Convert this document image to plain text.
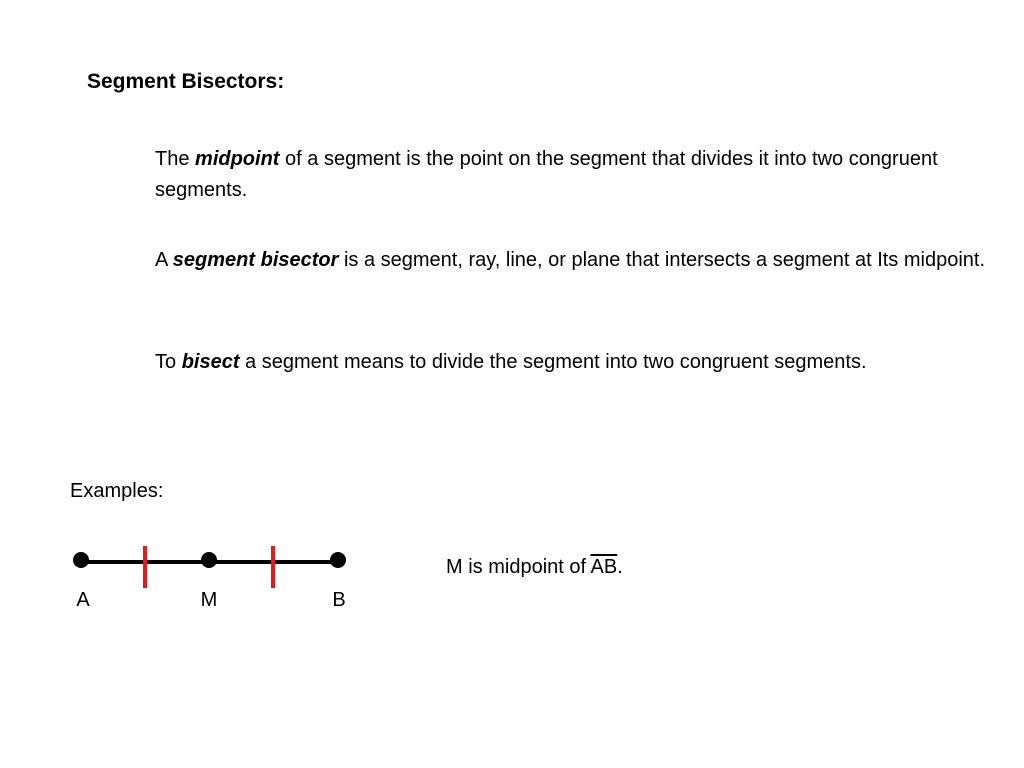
Segment Bisectors:

The midpoint of a segment is the point on the segment that divides it into two congruent segments.

A segment bisector is a segment, ray, line, or plane that intersects a segment at Its midpoint.

To bisect a segment means to divide the segment into two congruent segments.

Examples:

A	M	B

M is midpoint of $\overline{AB}$.
